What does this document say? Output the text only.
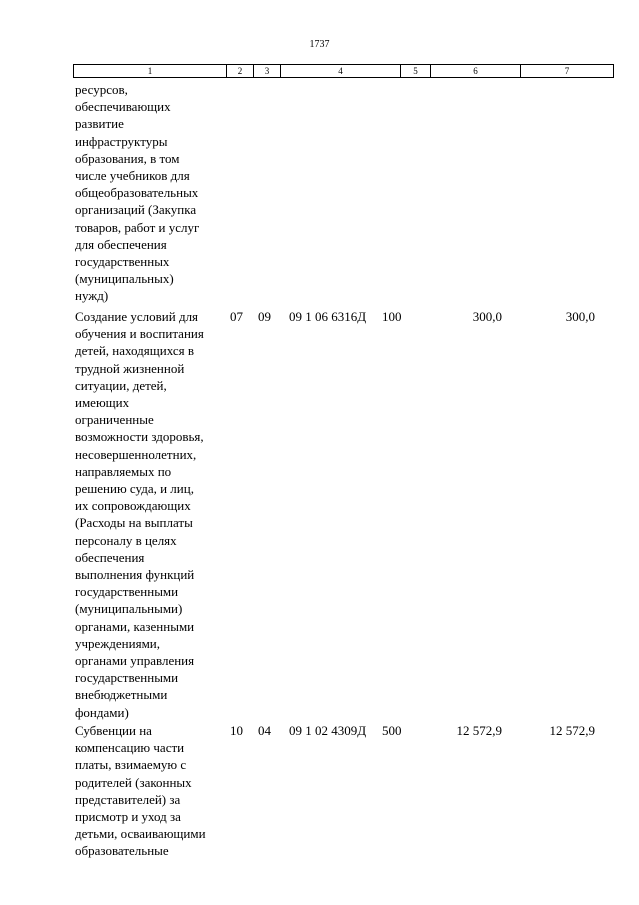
1737
1	2	3	4	5	6	7
ресурсов,
обеспечивающих
развитие
инфраструктуры
образования, в том
числе учебников для
общеобразовательных
организаций (Закупка
товаров, работ и услуг
для обеспечения
государственных
(муниципальных)
нужд)
Создание условий для
обучения и воспитания
детей, находящихся в
трудной жизненной
ситуации, детей,
имеющих
ограниченные
возможности здоровья,
несовершеннолетних,
направляемых по
решению суда, и лиц,
их сопровождающих
(Расходы на выплаты
персоналу в целях
обеспечения
выполнения функций
государственными
(муниципальными)
органами, казенными
учреждениями,
органами управления
государственными
внебюджетными
фондами)
07	09	09 1 06 6316Д	100	300,0	300,0
Субвенции на
компенсацию части
платы, взимаемую с
родителей (законных
представителей) за
присмотр и уход за
детьми, осваивающими
образовательные
10	04	09 1 02 4309Д	500	12 572,9	12 572,9
